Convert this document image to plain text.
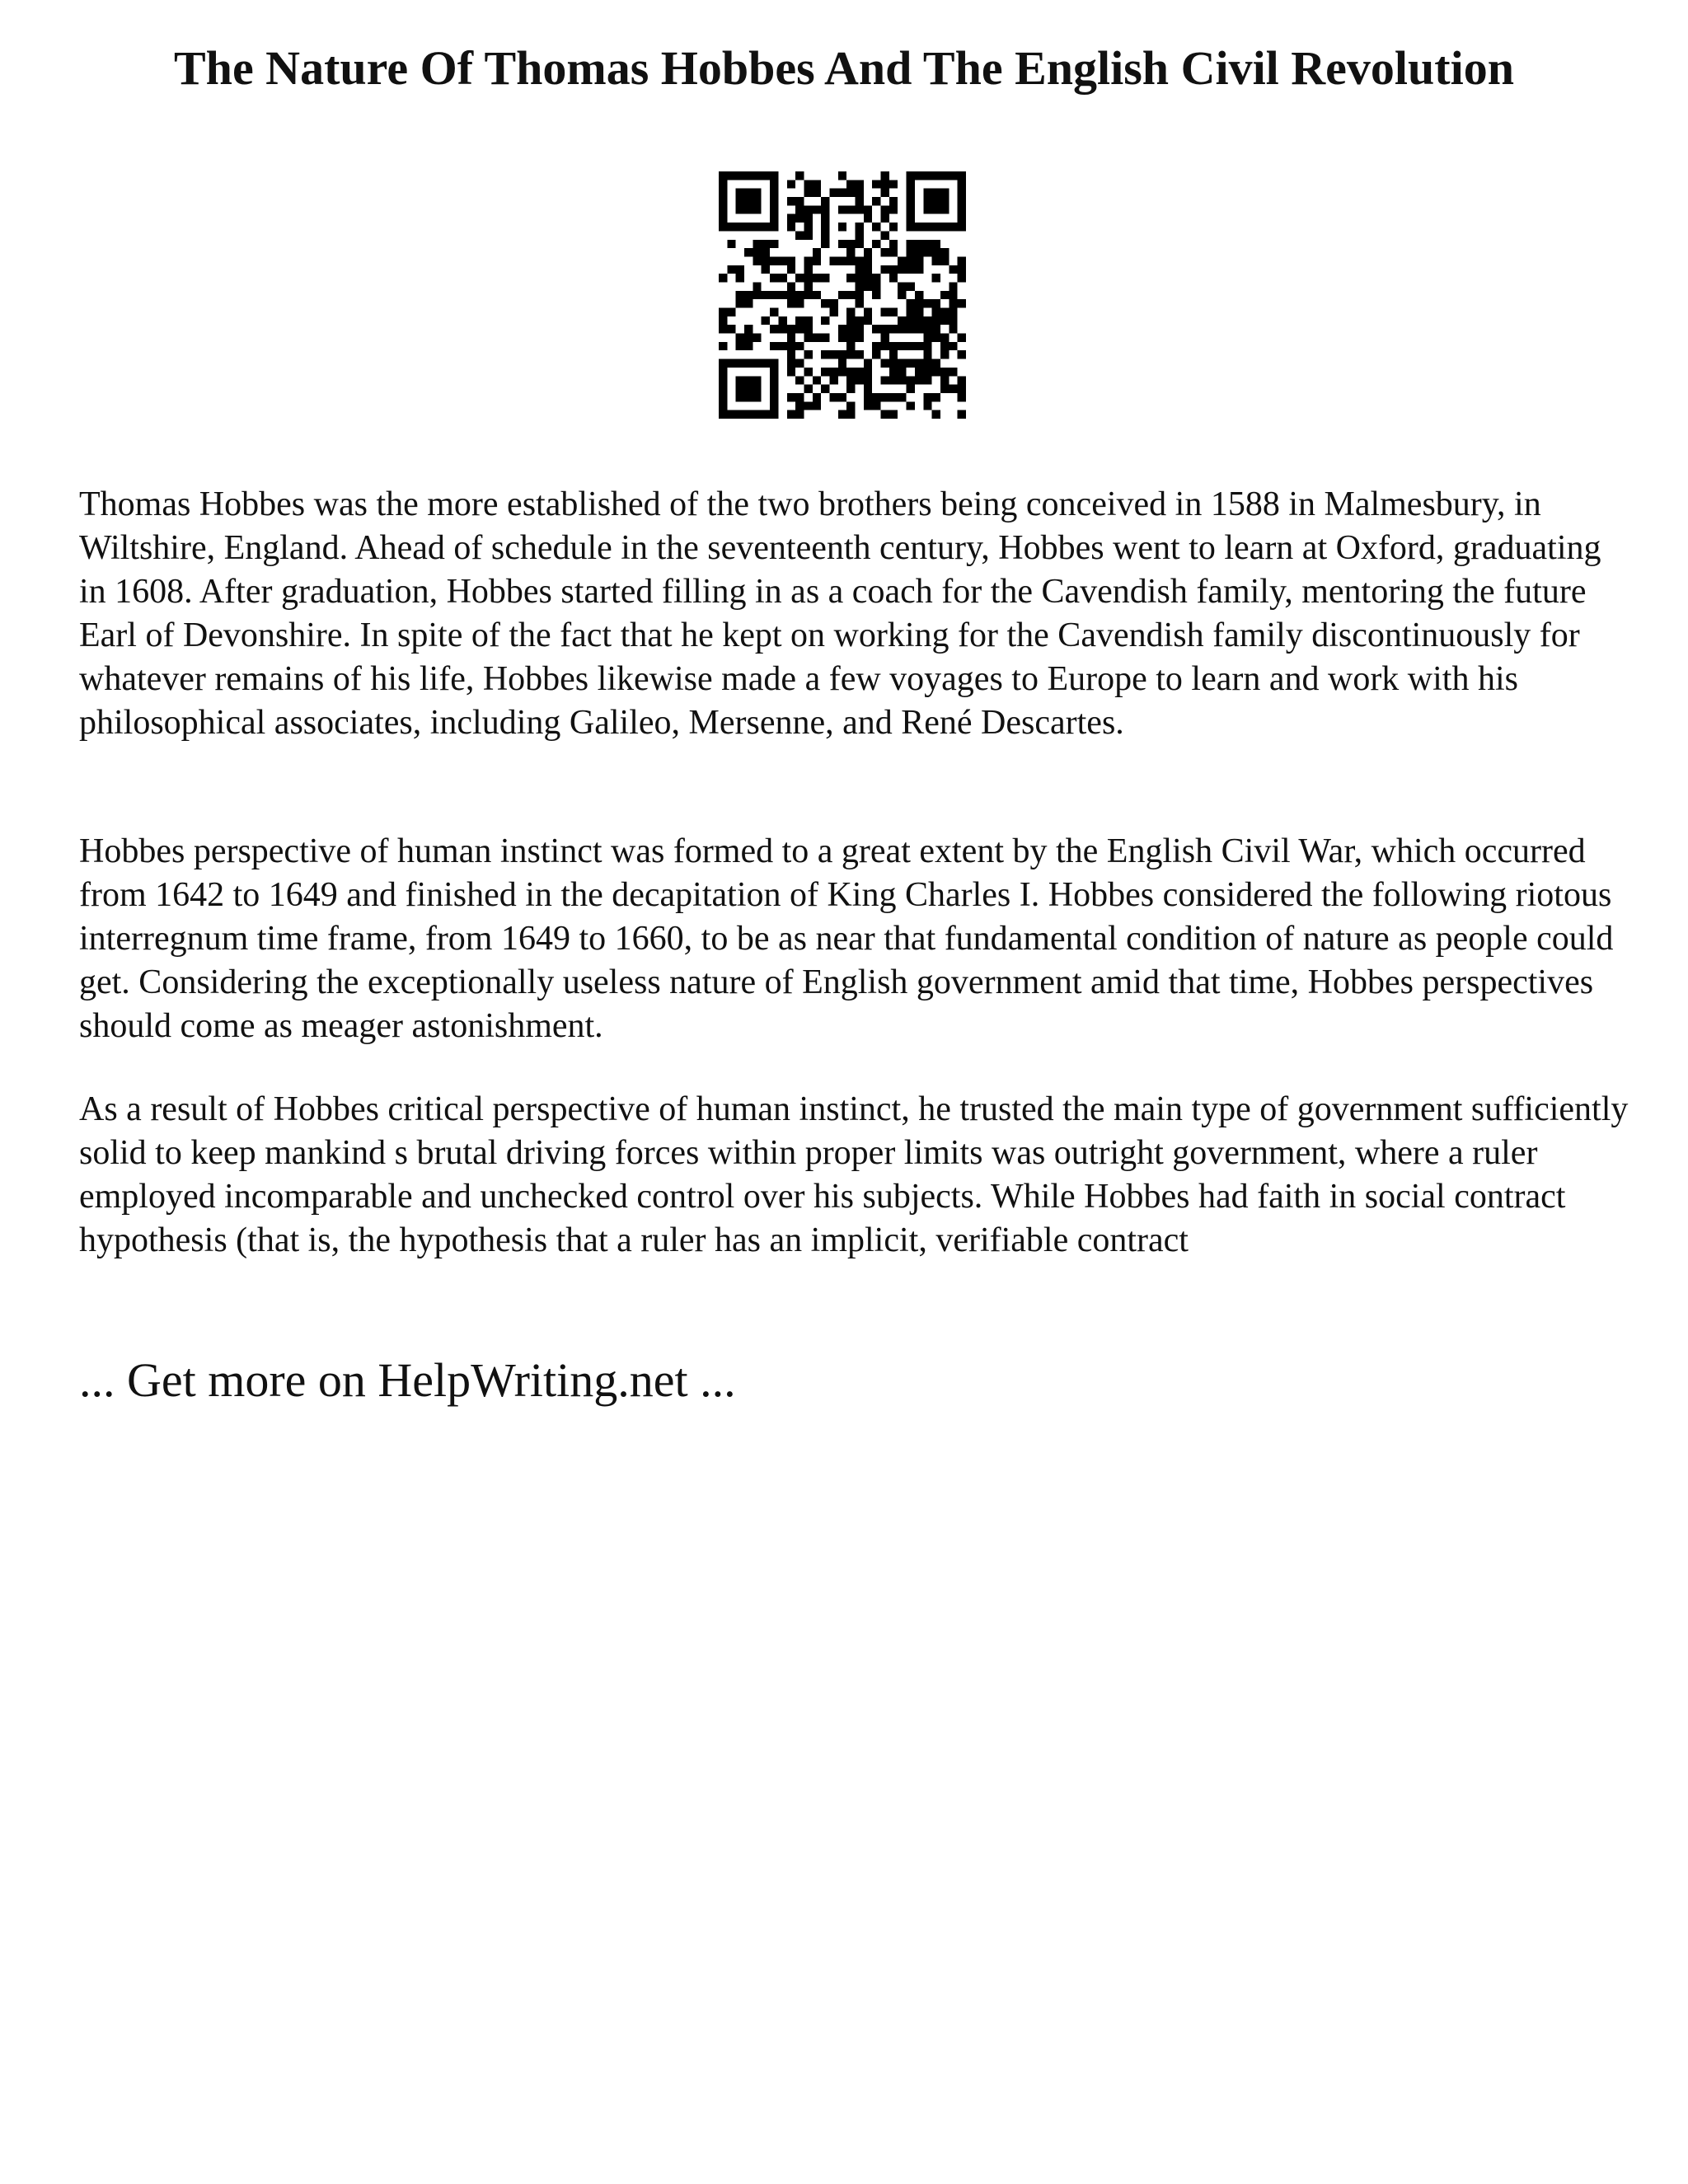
The Nature Of Thomas Hobbes And The English Civil Revolution

Thomas Hobbes was the more established of the two brothers being conceived in 1588 in Malmesbury, in Wiltshire, England. Ahead of schedule in the seventeenth century, Hobbes went to learn at Oxford, graduating in 1608. After graduation, Hobbes started filling in as a coach for the Cavendish family, mentoring the future Earl of Devonshire. In spite of the fact that he kept on working for the Cavendish family discontinuously for whatever remains of his life, Hobbes likewise made a few voyages to Europe to learn and work with his philosophical associates, including Galileo, Mersenne, and René Descartes.

Hobbes perspective of human instinct was formed to a great extent by the English Civil War, which occurred from 1642 to 1649 and finished in the decapitation of King Charles I. Hobbes considered the following riotous interregnum time frame, from 1649 to 1660, to be as near that fundamental condition of nature as people could get. Considering the exceptionally useless nature of English government amid that time, Hobbes perspectives should come as meager astonishment.

As a result of Hobbes critical perspective of human instinct, he trusted the main type of government sufficiently solid to keep mankind s brutal driving forces within proper limits was outright government, where a ruler employed incomparable and unchecked control over his subjects. While Hobbes had faith in social contract hypothesis (that is, the hypothesis that a ruler has an implicit, verifiable contract

... Get more on HelpWriting.net ...
